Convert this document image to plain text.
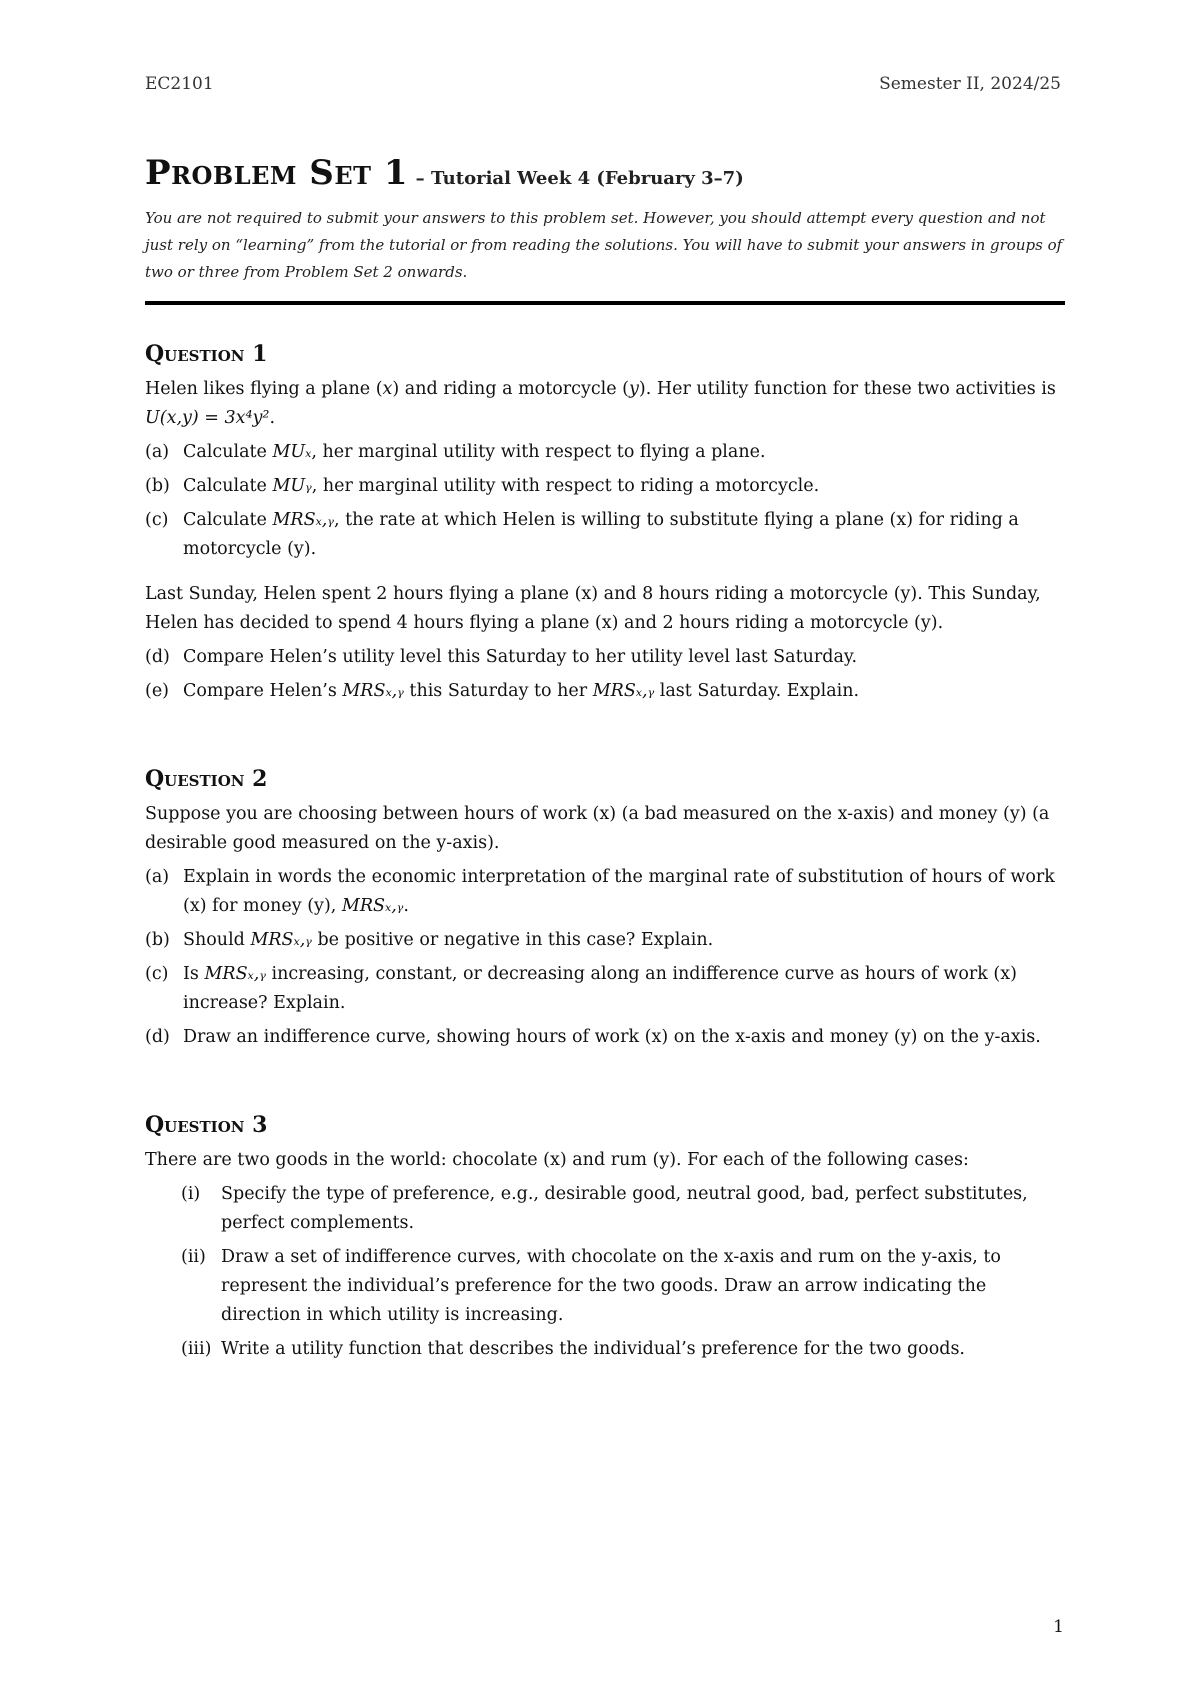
EC2101	Semester II, 2024/25
Problem Set 1 – Tutorial Week 4 (February 3–7)

You are not required to submit your answers to this problem set. However, you should attempt every question and not just rely on “learning” from the tutorial or from reading the solutions. You will have to submit your answers in groups of two or three from Problem Set 2 onwards.

Question 1

Helen likes flying a plane (x) and riding a motorcycle (y). Her utility function for these two activities is U(x,y) = 3x⁴y².

(a) Calculate MUₓ, her marginal utility with respect to flying a plane.
(b) Calculate MUᵧ, her marginal utility with respect to riding a motorcycle.
(c) Calculate MRSₓ,ᵧ, the rate at which Helen is willing to substitute flying a plane (x) for riding a motorcycle (y).

Last Sunday, Helen spent 2 hours flying a plane (x) and 8 hours riding a motorcycle (y). This Sunday, Helen has decided to spend 4 hours flying a plane (x) and 2 hours riding a motorcycle (y).

(d) Compare Helen’s utility level this Saturday to her utility level last Saturday.
(e) Compare Helen’s MRSₓ,ᵧ this Saturday to her MRSₓ,ᵧ last Saturday. Explain.
Question 2

Suppose you are choosing between hours of work (x) (a bad measured on the x-axis) and money (y) (a desirable good measured on the y-axis).

(a) Explain in words the economic interpretation of the marginal rate of substitution of hours of work (x) for money (y), MRSₓ,ᵧ.
(b) Should MRSₓ,ᵧ be positive or negative in this case? Explain.
(c) Is MRSₓ,ᵧ increasing, constant, or decreasing along an indifference curve as hours of work (x) increase? Explain.
(d) Draw an indifference curve, showing hours of work (x) on the x-axis and money (y) on the y-axis.
Question 3

There are two goods in the world: chocolate (x) and rum (y). For each of the following cases:

(i) Specify the type of preference, e.g., desirable good, neutral good, bad, perfect substitutes, perfect complements.
(ii) Draw a set of indifference curves, with chocolate on the x-axis and rum on the y-axis, to represent the individual’s preference for the two goods. Draw an arrow indicating the direction in which utility is increasing.
(iii) Write a utility function that describes the individual’s preference for the two goods.
1
